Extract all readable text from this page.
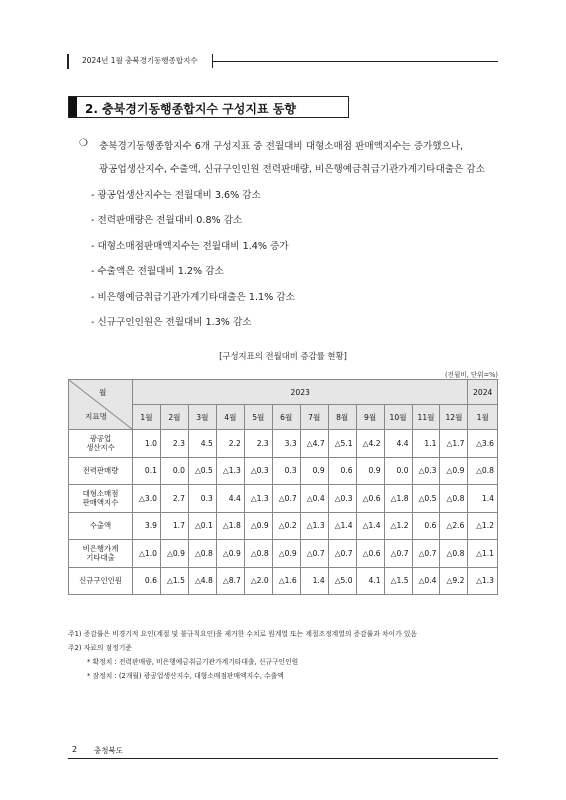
2024년 1월 충북경기동행종합지수
2. 충북경기동행종합지수 구성지표 동향
❍ 충북경기동행종합지수 6개 구성지표 중 전월대비 대형소매점 판매액지수는 증가했으나,
광공업생산지수, 수출액, 신규구인인원 전력판매량, 비은행예금취급기관가계기타대출은 감소
- 광공업생산지수는 전월대비 3.6% 감소
- 전력판매량은 전월대비 0.8% 감소
- 대형소매점판매액지수는 전월대비 1.4% 증가
- 수출액은 전월대비 1.2% 감소
- 비은행예금취급기관가계기타대출은 1.1% 감소
- 신규구인인원은 전월대비 1.3% 감소
[구성지표의 전월대비 증감률 현황]
(전월비, 단위=%)
월
지표명	2023												2024
	1월	2월	3월	4월	5월	6월	7월	8월	9월	10월	11월	12월	1월

광공업
생산지수	1.0	2.3	4.5	2.2	2.3	3.3	△4.7	△5.1	△4.2	4.4	1.1	△1.7	△3.6

전력판매량	0.1	0.0	△0.5	△1.3	△0.3	0.3	0.9	0.6	0.9	0.0	△0.3	△0.9	△0.8

대형소매점
판매액지수	△3.0	2.7	0.3	4.4	△1.3	△0.7	△0.4	△0.3	△0.6	△1.8	△0.5	△0.8	1.4

수출액	3.9	1.7	△0.1	△1.8	△0.9	△0.2	△1.3	△1.4	△1.4	△1.2	0.6	△2.6	△1.2

비은행가계
기타대출	△1.0	△0.9	△0.8	△0.9	△0.8	△0.9	△0.7	△0.7	△0.6	△0.7	△0.7	△0.8	△1.1

신규구인인원	0.6	△1.5	△4.8	△8.7	△2.0	△1.6	1.4	△5.0	4.1	△1.5	△0.4	△9.2	△1.3
주1) 증감률은 비경기적 요인(계절 및 불규칙요인)을 제거한 수치로 원계열 또는 계절조정계열의 증감률과 차이가 있음
주2) 자료의 점정기준
* 확정치 : 전력판매량, 비은행예금취급기관가계기타대출, 신규구인인원
* 잠정치 : (2개월) 광공업생산지수, 대형소매점판매액지수, 수출액
2 충청북도
